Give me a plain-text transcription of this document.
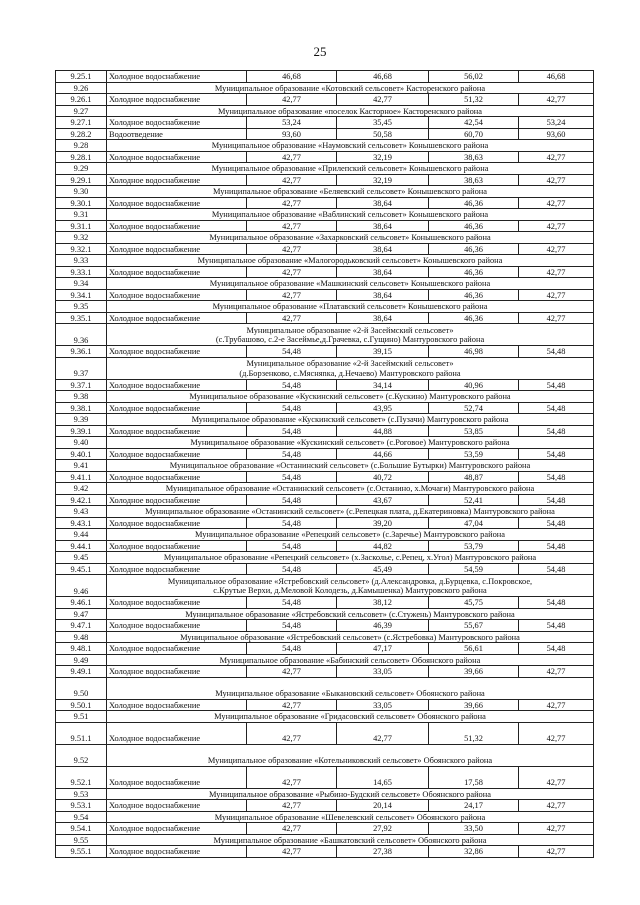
25
9.25.1	Холодное водоснабжение	46,68	46,68	56,02	46,68
9.26	Муниципальное образование «Котовский сельсовет» Касторенского района				
9.26.1	Холодное водоснабжение	42,77	42,77	51,32	42,77
9.27	Муниципальное образование «поселок Касторное» Касторенского района				
9.27.1	Холодное водоснабжение	53,24	35,45	42,54	53,24
9.28.2	Водоотведение	93,60	50,58	60,70	93,60
9.28	Муниципальное образование «Наумовский сельсовет» Конышевского района				
9.28.1	Холодное водоснабжение	42,77	32,19	38,63	42,77
9.29	Муниципальное образование «Прилепский сельсовет» Конышевского района				
9.29.1	Холодное водоснабжение	42,77	32,19	38,63	42,77
9.30	Муниципальное образование «Беляевский сельсовет» Конышевского района				
9.30.1	Холодное водоснабжение	42,77	38,64	46,36	42,77
9.31	Муниципальное образование «Ваблинский сельсовет» Конышевского района				
9.31.1	Холодное водоснабжение	42,77	38,64	46,36	42,77
9.32	Муниципальное образование «Захарковский сельсовет» Конышевского района				
9.32.1	Холодное водоснабжение	42,77	38,64	46,36	42,77
9.33	Муниципальное образование «Малогородьковский сельсовет» Конышевского района				
9.33.1	Холодное водоснабжение	42,77	38,64	46,36	42,77
9.34	Муниципальное образование «Машкинский сельсовет» Конышевского района				
9.34.1	Холодное водоснабжение	42,77	38,64	46,36	42,77
9.35	Муниципальное образование «Платавский сельсовет» Конышевского района				
9.35.1	Холодное водоснабжение	42,77	38,64	46,36	42,77
9.36	Муниципальное образование «2-й Засеймский сельсовет»
(с.Трубашово, с.2-е Засеймье,д.Грачевка, с.Гущино) Мантуровского района				
9.36.1	Холодное водоснабжение	54,48	39,15	46,98	54,48
9.37	Муниципальное образование «2-й Засеймский сельсовет»
(д.Борзенково, с.Мясняnка, д.Нечаево) Мантуровского района				
9.37.1	Холодное водоснабжение	54,48	34,14	40,96	54,48
9.38	Муниципальное образование «Кускинский сельсовет» (с.Кускино) Мантуровского района				
9.38.1	Холодное водоснабжение	54,48	43,95	52,74	54,48
9.39	Муниципальное образование «Кускинский сельсовет» (с.Пузачи) Мантуровского района				
9.39.1	Холодное водоснабжение	54,48	44,88	53,85	54,48
9.40	Муниципальное образование «Кускинский сельсовет» (с.Роговое) Мантуровского района				
9.40.1	Холодное водоснабжение	54,48	44,66	53,59	54,48
9.41	Муниципальное образование «Останинский сельсовет» (с.Большие Бутырки) Мантуровского района				
9.41.1	Холодное водоснабжение	54,48	40,72	48,87	54,48
9.42	Муниципальное образование «Останинский сельсовет» (с.Останино, х.Мочаги) Мантуровского района				
9.42.1	Холодное водоснабжение	54,48	43,67	52,41	54,48
9.43	Муниципальное образование «Останинский сельсовет» (с.Репецкая плата, д.Екатериновка) Мантуровского района				
9.43.1	Холодное водоснабжение	54,48	39,20	47,04	54,48
9.44	Муниципальное образование «Репецкий сельсовет» (с.Заречье) Мантуровского района				
9.44.1	Холодное водоснабжение	54,48	44,82	53,79	54,48
9.45	Муниципальное образование «Репецкий сельсовет» (х.Засколье, с.Репец, х.Угол) Мантуровского района				
9.45.1	Холодное водоснабжение	54,48	45,49	54,59	54,48
9.46	Муниципальное образование «Ястребовский сельсовет» (д.Александровка, д.Бурцевка, с.Покровское,
с.Крутые Верхи, д.Меловой Колодезь, д.Камышенка) Мантуровского района				
9.46.1	Холодное водоснабжение	54,48	38,12	45,75	54,48
9.47	Муниципальное образование «Ястребовский сельсовет» (с.Стужень) Мантуровского района				
9.47.1	Холодное водоснабжение	54,48	46,39	55,67	54,48
9.48	Муниципальное образование «Ястребовский сельсовет» (с.Ястребовка) Мантуровского района				
9.48.1	Холодное водоснабжение	54,48	47,17	56,61	54,48
9.49	Муниципальное образование «Бабинский сельсовет» Обоянского района				
9.49.1	Холодное водоснабжение	42,77	33,05	39,66	42,77
9.50	Муниципальное образование «Быкановский сельсовет» Обоянского района				
9.50.1	Холодное водоснабжение	42,77	33,05	39,66	42,77
9.51	Муниципальное образование «Гридасовский сельсовет» Обоянского района				
9.51.1	Холодное водоснабжение	42,77	42,77	51,32	42,77
9.52	Муниципальное образование «Котельниковский сельсовет» Обоянского района				
9.52.1	Холодное водоснабжение	42,77	14,65	17,58	42,77
9.53	Муниципальное образование «Рыбино-Будский сельсовет» Обоянского района				
9.53.1	Холодное водоснабжение	42,77	20,14	24,17	42,77
9.54	Муниципальное образование «Шевелевский сельсовет» Обоянского района				
9.54.1	Холодное водоснабжение	42,77	27,92	33,50	42,77
9.55	Муниципальное образование «Башкатовский сельсовет» Обоянского района				
9.55.1	Холодное водоснабжение	42,77	27,38	32,86	42,77
